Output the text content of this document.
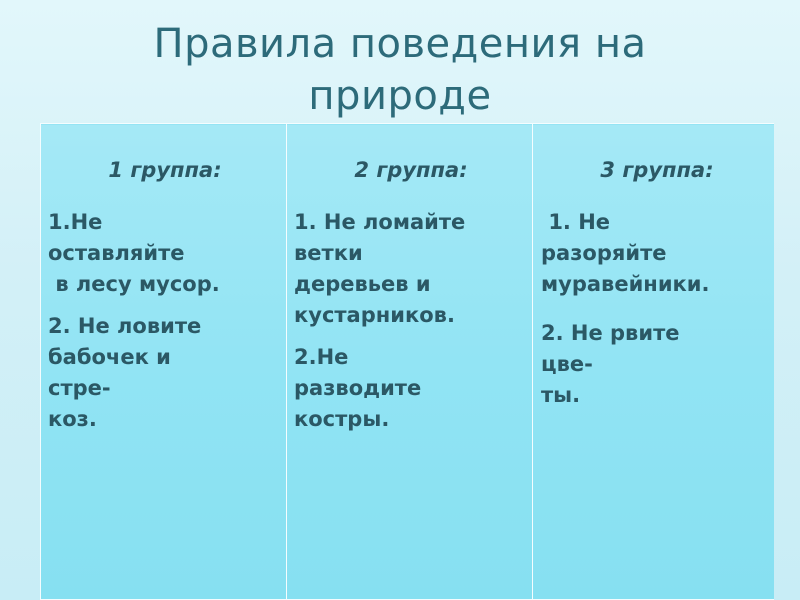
Правила поведения на
природе
1 группа:
1.Не
оставляйте
в лесу мусор.
2. Не ловите
бабочек и
стре-
коз.

2 группа:
1. Не ломайте
ветки
деревьев и
кустарников.
2.Не
разводите
костры.

3 группа:
1. Не
разоряйте
муравейники.
2. Не рвите
цве-
ты.
